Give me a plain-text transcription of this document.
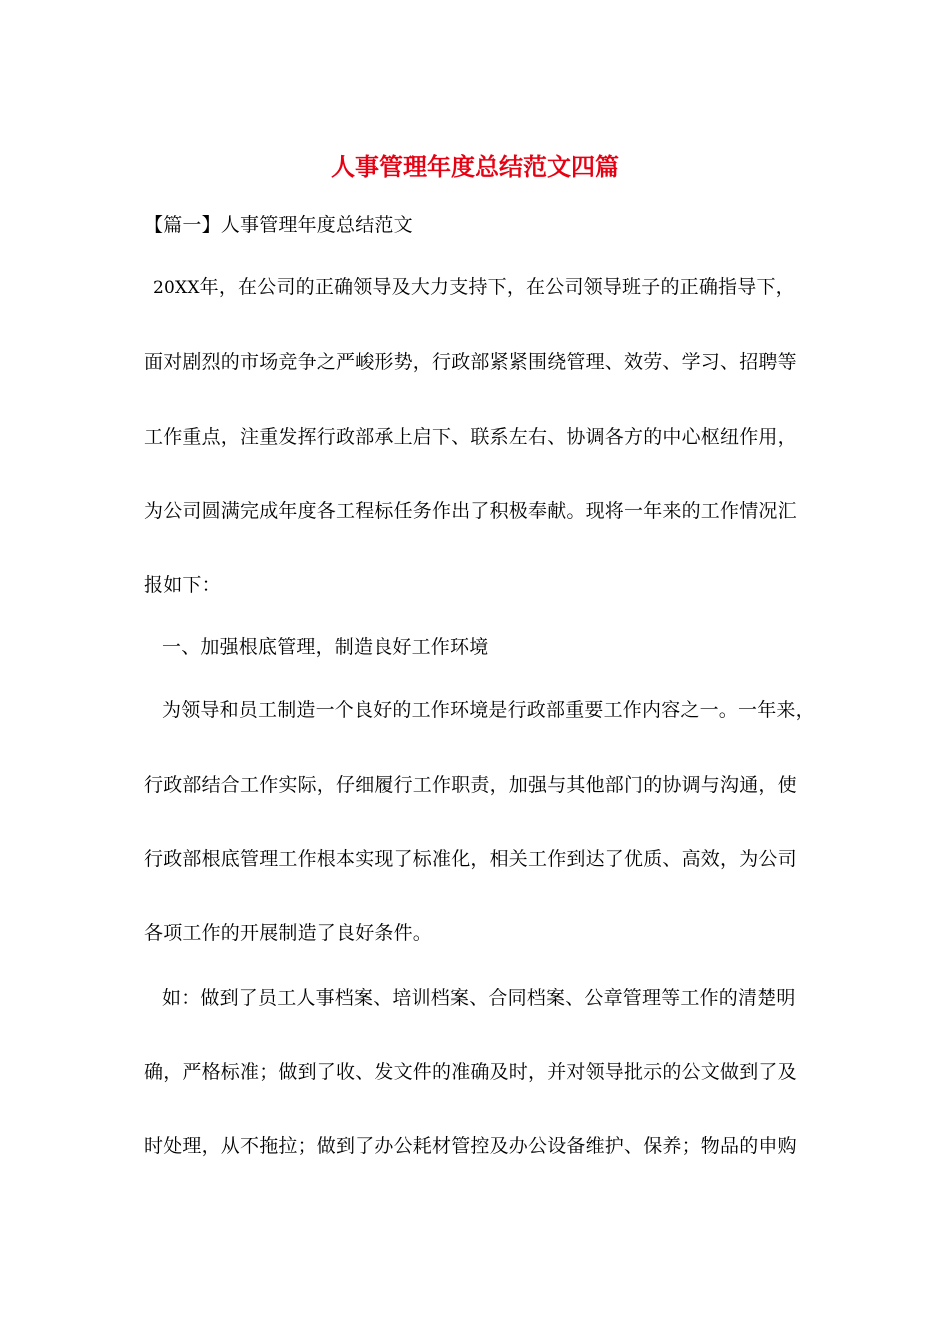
人事管理年度总结范文四篇
【篇一】人事管理年度总结范文
20XX年，在公司的正确领导及大力支持下，在公司领导班子的正确指导下，
面对剧烈的市场竞争之严峻形势，行政部紧紧围绕管理、效劳、学习、招聘等
工作重点，注重发挥行政部承上启下、联系左右、协调各方的中心枢纽作用，
为公司圆满完成年度各工程标任务作出了积极奉献。现将一年来的工作情况汇
报如下：
一、加强根底管理，制造良好工作环境
为领导和员工制造一个良好的工作环境是行政部重要工作内容之一。一年来，
行政部结合工作实际，仔细履行工作职责，加强与其他部门的协调与沟通，使
行政部根底管理工作根本实现了标准化，相关工作到达了优质、高效，为公司
各项工作的开展制造了良好条件。
如：做到了员工人事档案、培训档案、合同档案、公章管理等工作的清楚明
确，严格标准；做到了收、发文件的准确及时，并对领导批示的公文做到了及
时处理，从不拖拉；做到了办公耗材管控及办公设备维护、保养；物品的申购
